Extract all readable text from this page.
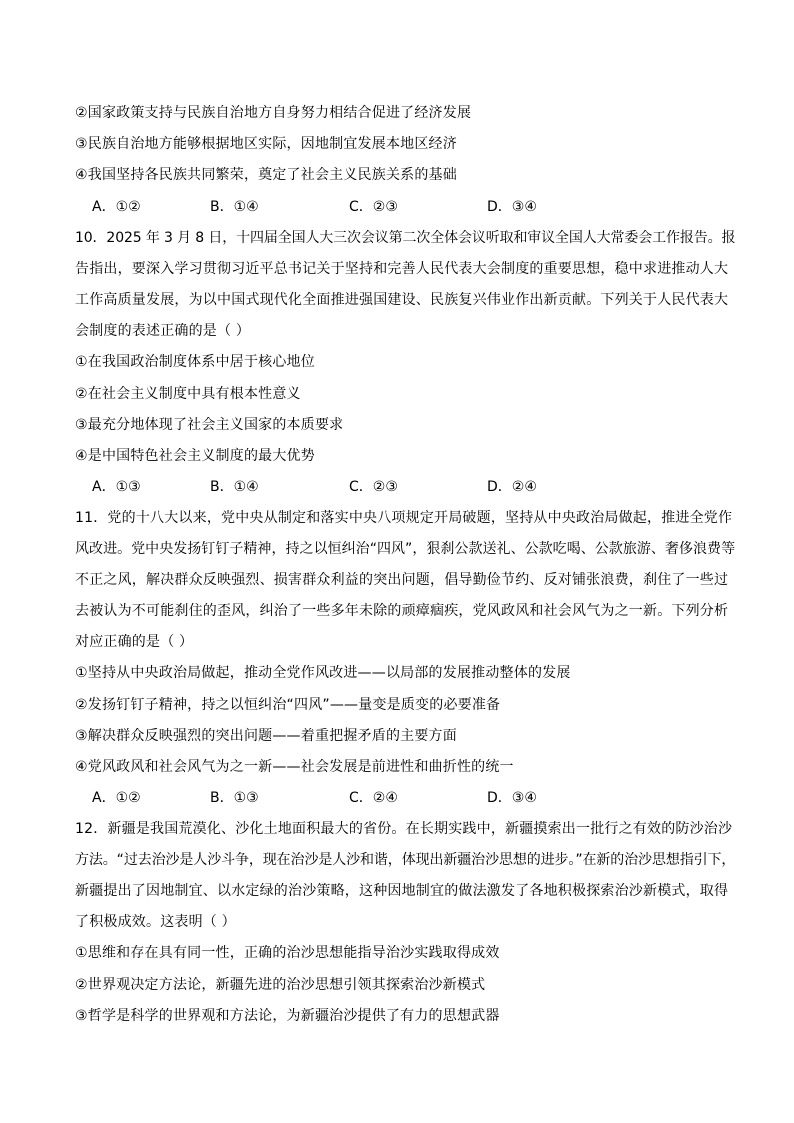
②国家政策支持与民族自治地方自身努力相结合促进了经济发展
③民族自治地方能够根据地区实际，因地制宜发展本地区经济
④我国坚持各民族共同繁荣，奠定了社会主义民族关系的基础
A．①②	B．①④	C．②③	D．③④
10．2025 年 3 月 8 日，十四届全国人大三次会议第二次全体会议听取和审议全国人大常委会工作报告。报
告指出，要深入学习贯彻习近平总书记关于坚持和完善人民代表大会制度的重要思想，稳中求进推动人大
工作高质量发展，为以中国式现代化全面推进强国建设、民族复兴伟业作出新贡献。下列关于人民代表大
会制度的表述正确的是（ ）
①在我国政治制度体系中居于核心地位
②在社会主义制度中具有根本性意义
③最充分地体现了社会主义国家的本质要求
④是中国特色社会主义制度的最大优势
A．①③	B．①④	C．②③	D．②④
11．党的十八大以来，党中央从制定和落实中央八项规定开局破题，坚持从中央政治局做起，推进全党作
风改进。党中央发扬钉钉子精神，持之以恒纠治“四风”，狠刹公款送礼、公款吃喝、公款旅游、奢侈浪费等
不正之风，解决群众反映强烈、损害群众利益的突出问题，倡导勤俭节约、反对铺张浪费，刹住了一些过
去被认为不可能刹住的歪风，纠治了一些多年未除的顽瘴痼疾，党风政风和社会风气为之一新。下列分析
对应正确的是（ ）
①坚持从中央政治局做起，推动全党作风改进——以局部的发展推动整体的发展
②发扬钉钉子精神，持之以恒纠治“四风”——量变是质变的必要准备
③解决群众反映强烈的突出问题——着重把握矛盾的主要方面
④党风政风和社会风气为之一新——社会发展是前进性和曲折性的统一
A．①②	B．①③	C．②④	D．③④
12．新疆是我国荒漠化、沙化土地面积最大的省份。在长期实践中，新疆摸索出一批行之有效的防沙治沙
方法。“过去治沙是人沙斗争，现在治沙是人沙和谐，体现出新疆治沙思想的进步。”在新的治沙思想指引下，
新疆提出了因地制宜、以水定绿的治沙策略，这种因地制宜的做法激发了各地积极探索治沙新模式，取得
了积极成效。这表明（ ）
①思维和存在具有同一性，正确的治沙思想能指导治沙实践取得成效
②世界观决定方法论，新疆先进的治沙思想引领其探索治沙新模式
③哲学是科学的世界观和方法论，为新疆治沙提供了有力的思想武器
